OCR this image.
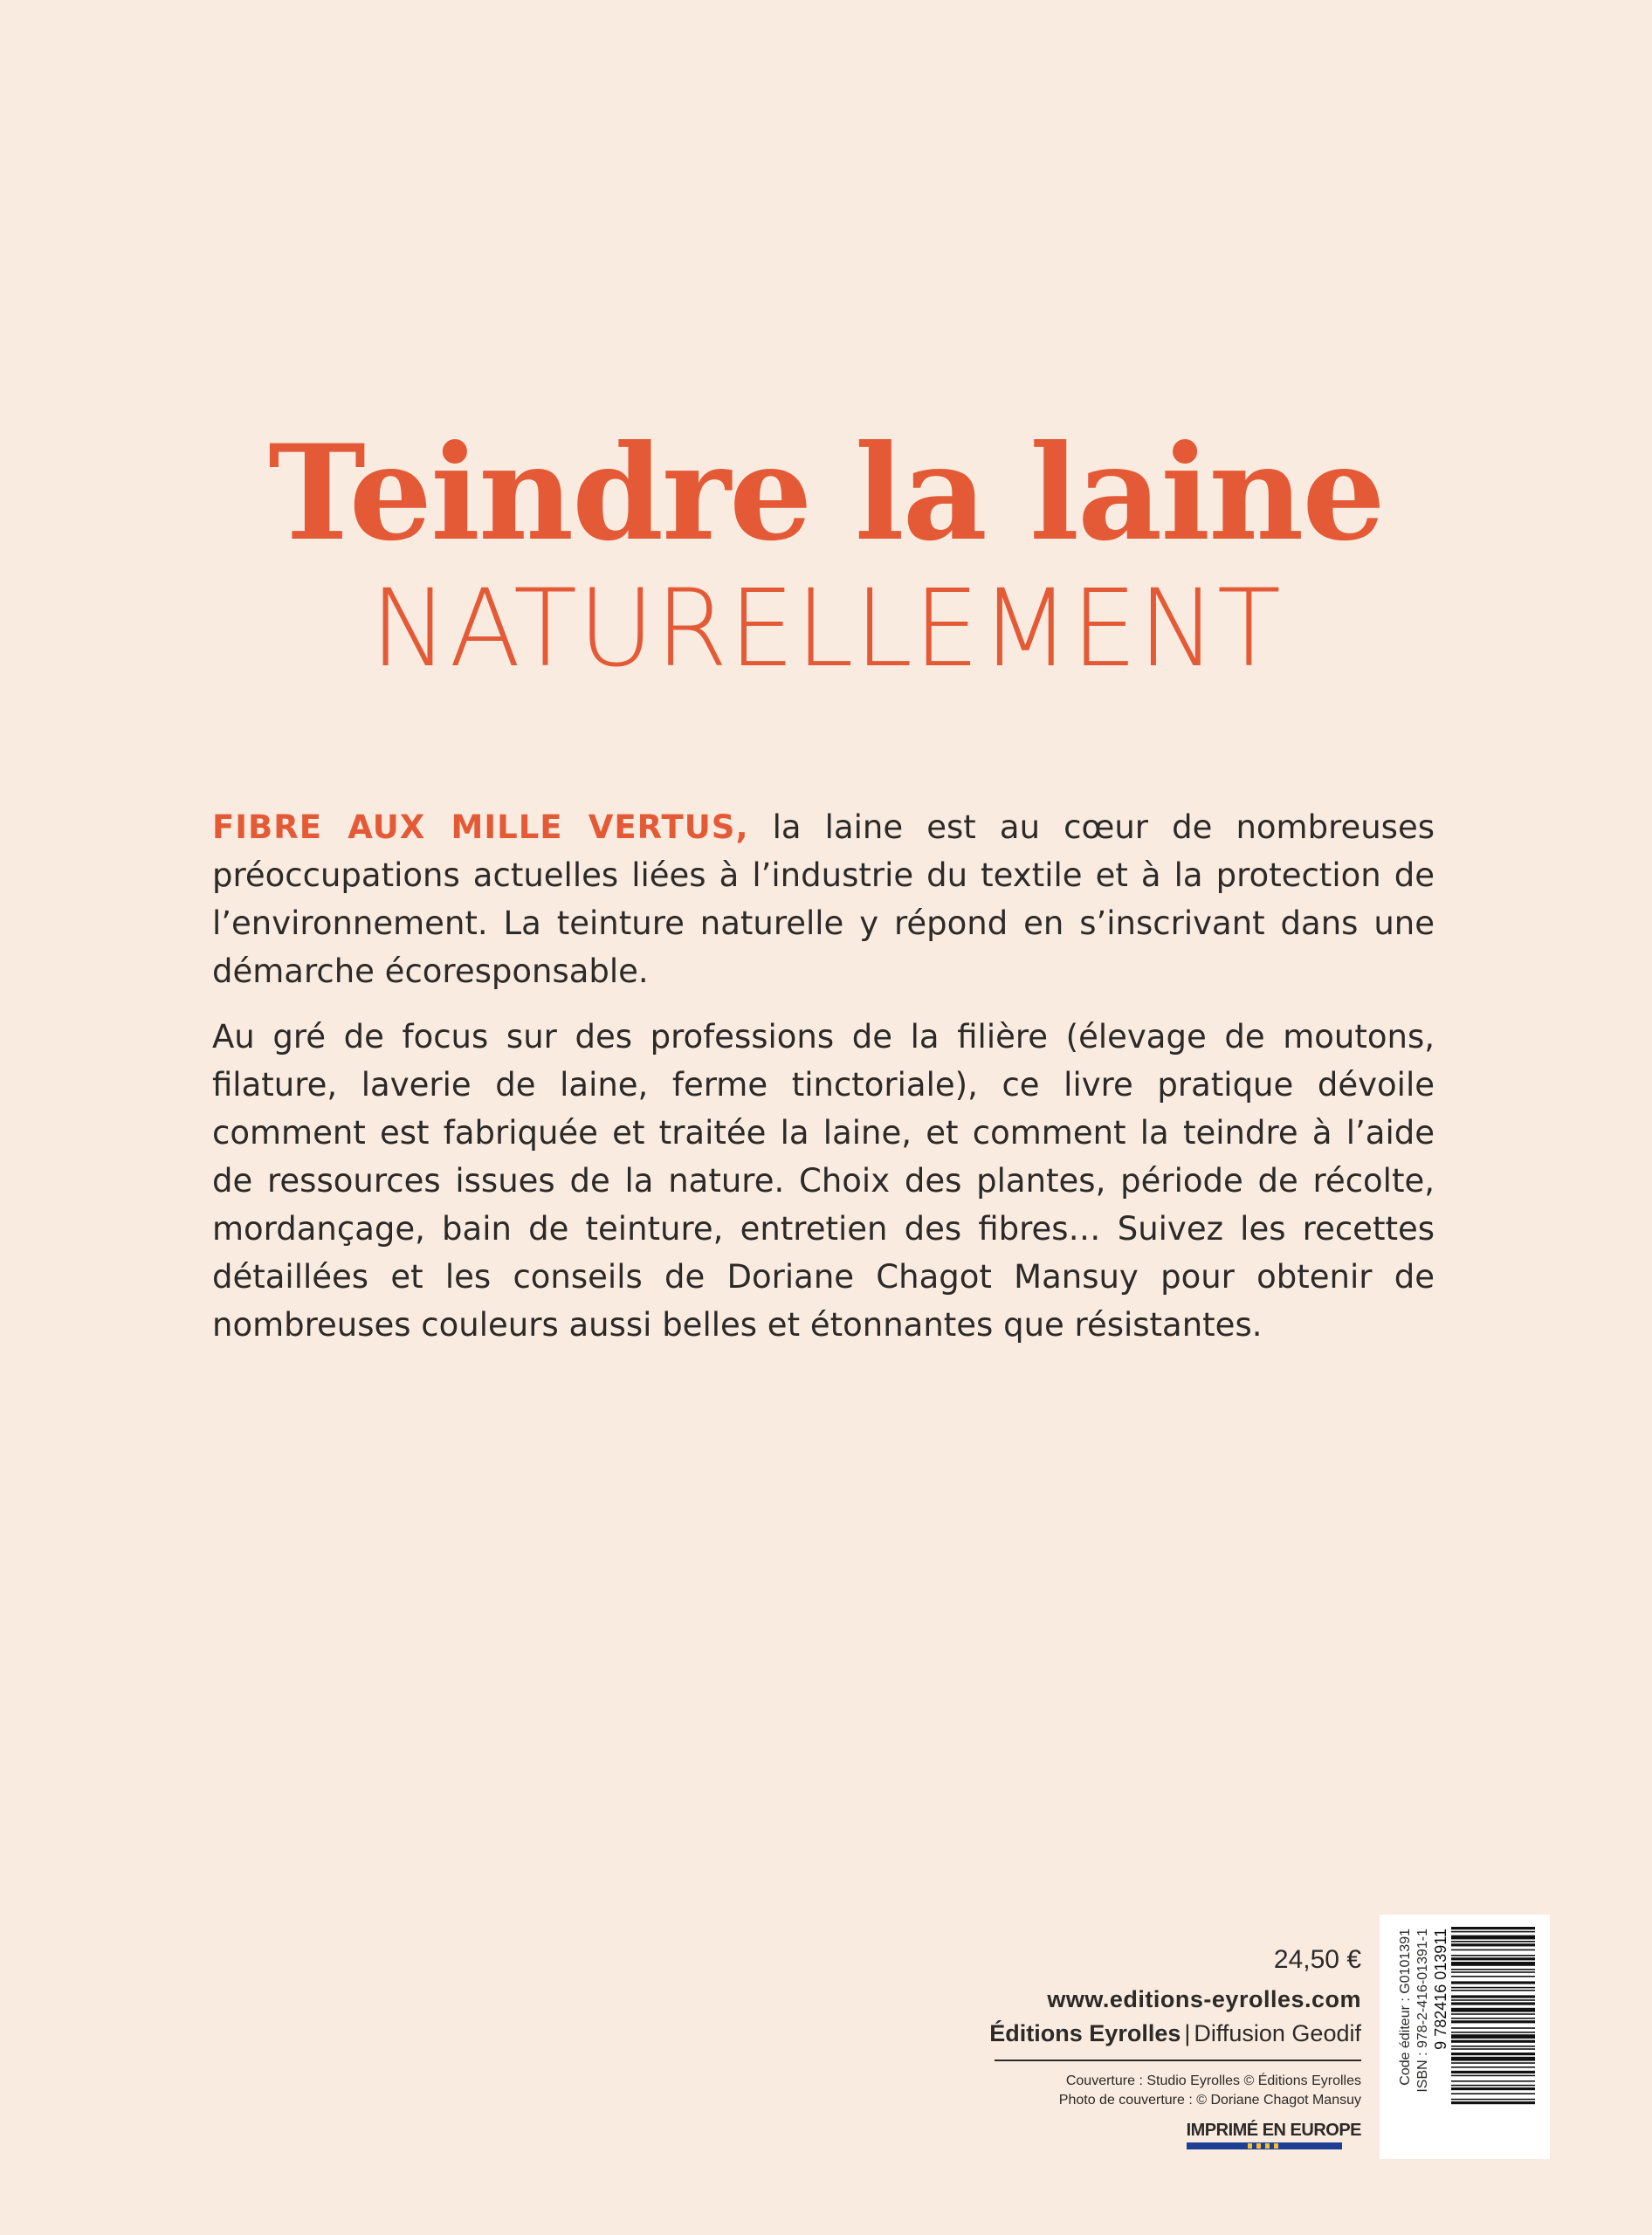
Teindre la laine
NATURELLEMENT

FIBRE AUX MILLE VERTUS, la laine est au cœur de nombreuses préoccupations actuelles liées à l’industrie du textile et à la protection de l’environnement. La teinture naturelle y répond en s’inscrivant dans une démarche écoresponsable.

Au gré de focus sur des professions de la filière (élevage de moutons, filature, laverie de laine, ferme tinctoriale), ce livre pratique dévoile comment est fabriquée et traitée la laine, et comment la teindre à l’aide de ressources issues de la nature. Choix des plantes, période de récolte, mordançage, bain de teinture, entretien des fibres… Suivez les recettes détaillées et les conseils de Doriane Chagot Mansuy pour obtenir de nombreuses couleurs aussi belles et étonnantes que résistantes.

24,50 €
www.editions-eyrolles.com
Éditions Eyrolles | Diffusion Geodif
Couverture : Studio Eyrolles © Éditions Eyrolles
Photo de couverture : © Doriane Chagot Mansuy
IMPRIMÉ EN EUROPE
Code éditeur : G0101391 ISBN : 978-2-416-01391-1 9 782416 013911
